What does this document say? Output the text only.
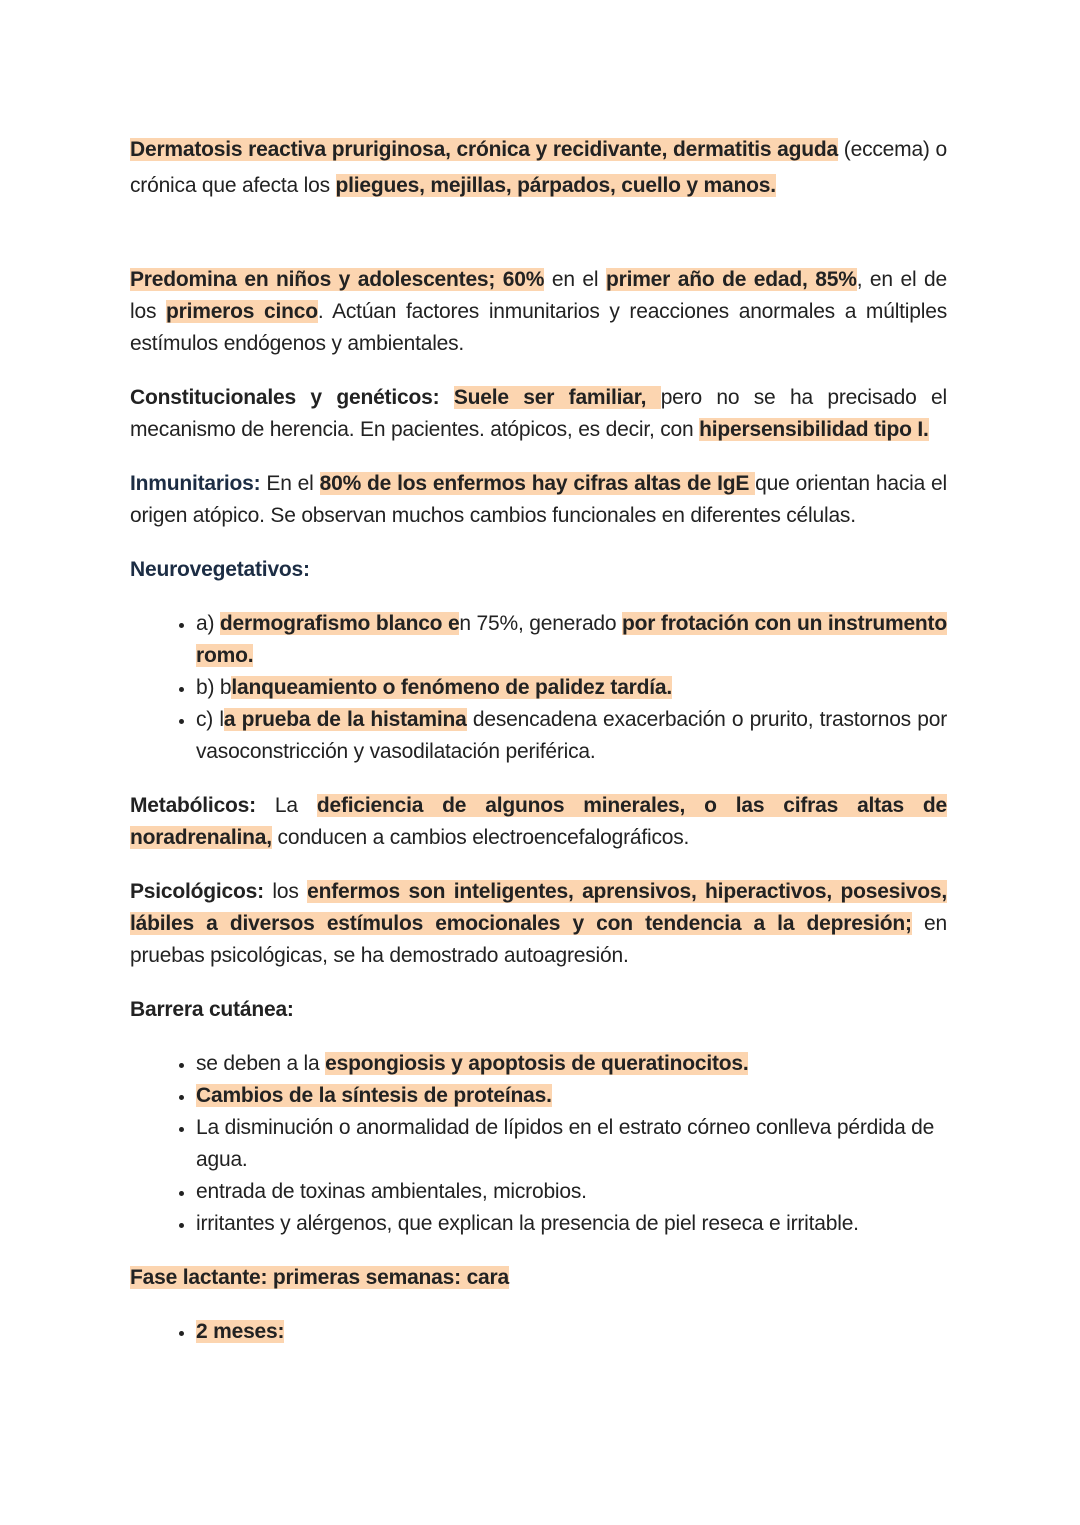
Dermatosis reactiva pruriginosa, crónica y recidivante, dermatitis aguda (eccema) o crónica que afecta los pliegues, mejillas, párpados, cuello y manos.

Predomina en niños y adolescentes; 60% en el primer año de edad, 85%, en el de los primeros cinco. Actúan factores inmunitarios y reacciones anormales a múltiples estímulos endógenos y ambientales.

Constitucionales y genéticos: Suele ser familiar, pero no se ha precisado el mecanismo de herencia. En pacientes. atópicos, es decir, con hipersensibilidad tipo I.

Inmunitarios: En el 80% de los enfermos hay cifras altas de IgE que orientan hacia el origen atópico. Se observan muchos cambios funcionales en diferentes células.

Neurovegetativos:

• a) dermografismo blanco en 75%, generado por frotación con un instrumento romo.
• b) blanqueamiento o fenómeno de palidez tardía.
• c) la prueba de la histamina desencadena exacerbación o prurito, trastornos por vasoconstricción y vasodilatación periférica.

Metabólicos: La deficiencia de algunos minerales, o las cifras altas de noradrenalina, conducen a cambios electroencefalográficos.

Psicológicos: los enfermos son inteligentes, aprensivos, hiperactivos, posesivos, lábiles a diversos estímulos emocionales y con tendencia a la depresión; en pruebas psicológicas, se ha demostrado autoagresión.

Barrera cutánea:

• se deben a la espongiosis y apoptosis de queratinocitos.
• Cambios de la síntesis de proteínas.
• La disminución o anormalidad de lípidos en el estrato córneo conlleva pérdida de agua.
• entrada de toxinas ambientales, microbios.
• irritantes y alérgenos, que explican la presencia de piel reseca e irritable.

Fase lactante: primeras semanas: cara

• 2 meses:
